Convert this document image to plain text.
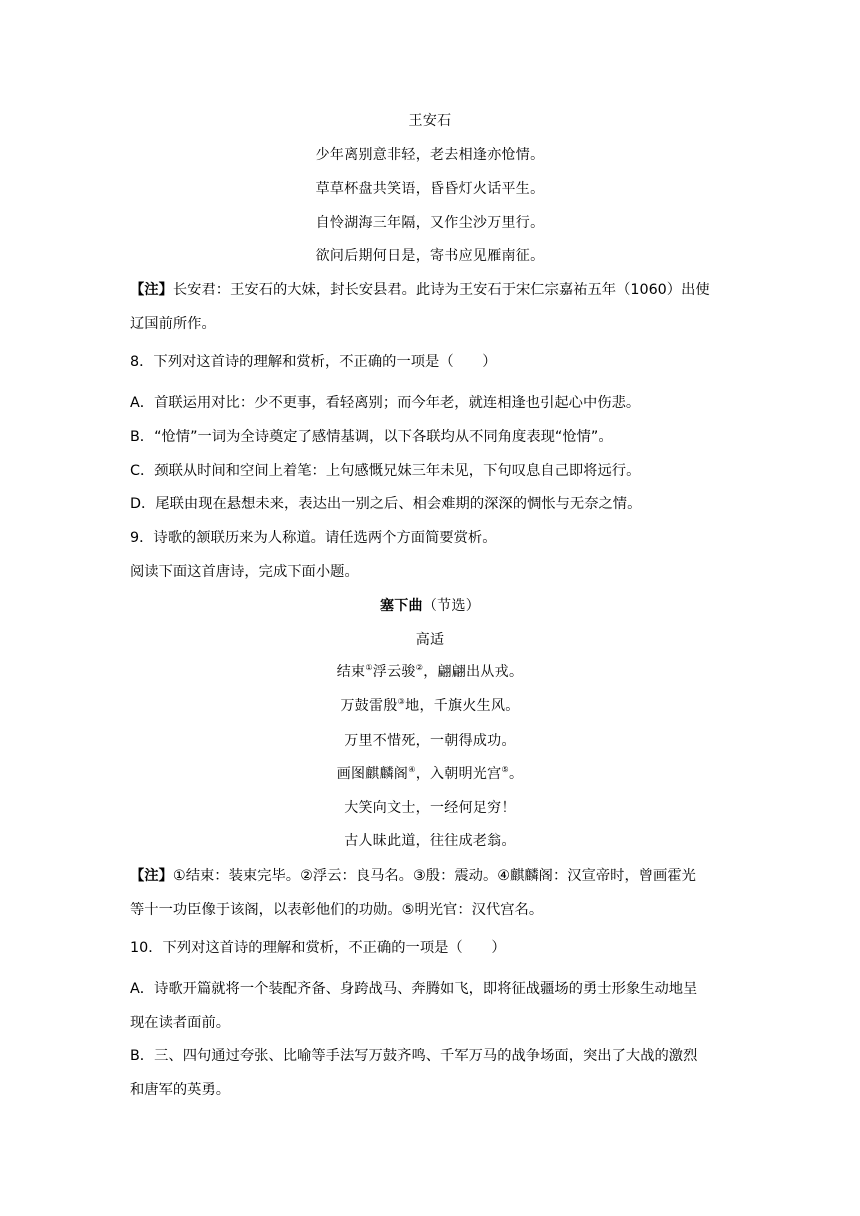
王安石
少年离别意非轻，老去相逢亦怆情。
草草杯盘共笑语，昏昏灯火话平生。
自怜湖海三年隔，又作尘沙万里行。
欲问后期何日是，寄书应见雁南征。
【注】长安君：王安石的大妹，封长安县君。此诗为王安石于宋仁宗嘉祐五年（1060）出使
辽国前所作。
8．下列对这首诗的理解和赏析，不正确的一项是（　　）
A．首联运用对比：少不更事，看轻离别；而今年老，就连相逢也引起心中伤悲。
B．“怆情”一词为全诗奠定了感情基调，以下各联均从不同角度表现“怆情”。
C．颈联从时间和空间上着笔：上句感慨兄妹三年未见，下句叹息自己即将远行。
D．尾联由现在悬想未来，表达出一别之后、相会难期的深深的惆怅与无奈之情。
9．诗歌的颔联历来为人称道。请任选两个方面简要赏析。
阅读下面这首唐诗，完成下面小题。
塞下曲（节选）
高适
结束①浮云骏②，翩翩出从戎。
万鼓雷殷③地，千旗火生风。
万里不惜死，一朝得成功。
画图麒麟阁④，入朝明光宫⑤。
大笑向文士，一经何足穷！
古人昧此道，往往成老翁。
【注】①结束：装束完毕。②浮云：良马名。③殷：震动。④麒麟阁：汉宣帝时，曾画霍光
等十一功臣像于该阁，以表彰他们的功勋。⑤明光官：汉代宫名。
10．下列对这首诗的理解和赏析，不正确的一项是（　　）
A．诗歌开篇就将一个装配齐备、身跨战马、奔腾如飞，即将征战疆场的勇士形象生动地呈
现在读者面前。
B．三、四句通过夸张、比喻等手法写万鼓齐鸣、千军万马的战争场面，突出了大战的激烈
和唐军的英勇。
